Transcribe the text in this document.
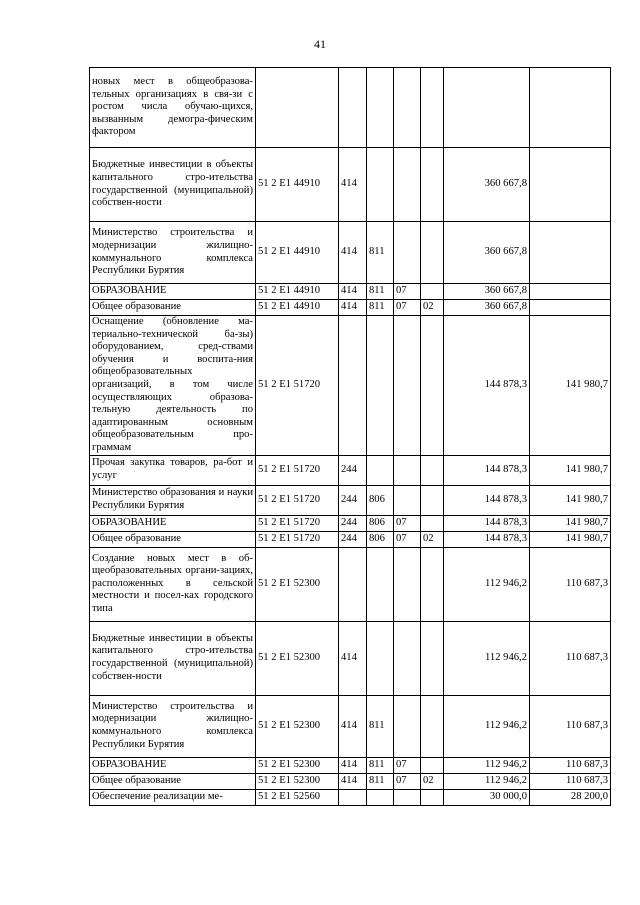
41
новых мест в общеобразова-тельных организациях в свя-зи с ростом числа обучаю-щихся, вызванным демогра-фическим фактором							

Бюджетные инвестиции в объекты капитального стро-ительства государственной (муниципальной) собствен-ности	51 2 E1 44910	414				360 667,8	

Министерство строительства и модернизации жилищно-коммунального комплекса Республики Бурятия	51 2 E1 44910	414	811			360 667,8	

ОБРАЗОВАНИЕ	51 2 E1 44910	414	811	07		360 667,8	

Общее образование	51 2 E1 44910	414	811	07	02	360 667,8	

Оснащение (обновление ма-териально-технической ба-зы) оборудованием, сред-ствами обучения и воспита-ния общеобразовательных организаций, в том числе осуществляющих образова-тельную деятельность по адаптированным основным общеобразовательным про-граммам	51 2 E1 51720					144 878,3	141 980,7

Прочая закупка товаров, ра-бот и услуг	51 2 E1 51720	244				144 878,3	141 980,7

Министерство образования и науки Республики Бурятия	51 2 E1 51720	244	806			144 878,3	141 980,7

ОБРАЗОВАНИЕ	51 2 E1 51720	244	806	07		144 878,3	141 980,7

Общее образование	51 2 E1 51720	244	806	07	02	144 878,3	141 980,7

Создание новых мест в об-щеобразовательных органи-зациях, расположенных в сельской местности и посел-ках городского типа	51 2 E1 52300					112 946,2	110 687,3

Бюджетные инвестиции в объекты капитального стро-ительства государственной (муниципальной) собствен-ности	51 2 E1 52300	414				112 946,2	110 687,3

Министерство строительства и модернизации жилищно-коммунального комплекса Республики Бурятия	51 2 E1 52300	414	811			112 946,2	110 687,3

ОБРАЗОВАНИЕ	51 2 E1 52300	414	811	07		112 946,2	110 687,3

Общее образование	51 2 E1 52300	414	811	07	02	112 946,2	110 687,3

Обеспечение реализации ме-	51 2 E1 52560					30 000,0	28 200,0
